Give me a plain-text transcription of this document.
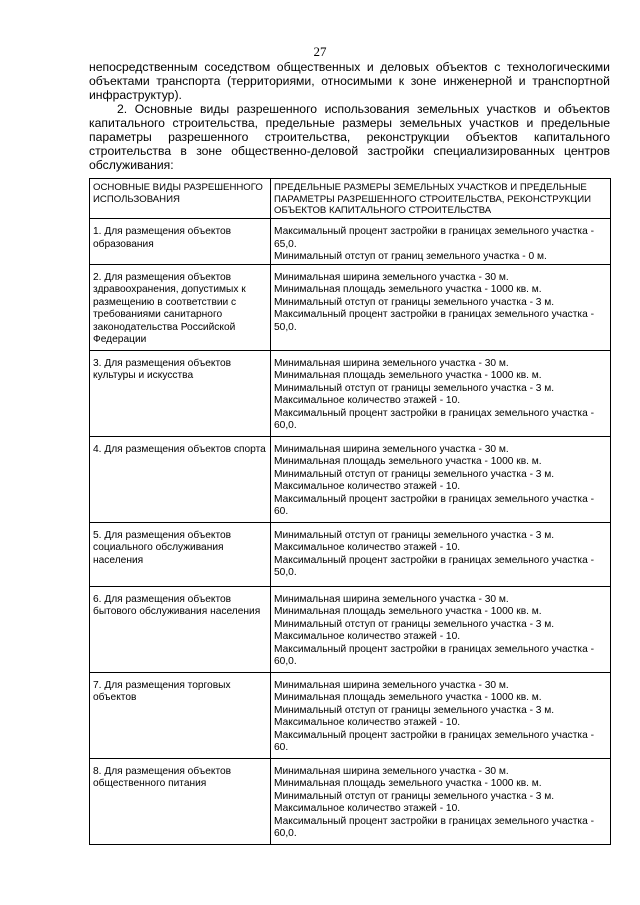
27

непосредственным соседством общественных и деловых объектов с технологическими объектами транспорта (территориями, относимыми к зоне инженерной и транспортной инфраструктур).

2. Основные виды разрешенного использования земельных участков и объектов капитального строительства, предельные размеры земельных участков и предельные параметры разрешенного строительства, реконструкции объектов капитального строительства в зоне общественно-деловой застройки специализированных центров обслуживания:

ОСНОВНЫЕ ВИДЫ РАЗРЕШЕННОГО ИСПОЛЬЗОВАНИЯ	ПРЕДЕЛЬНЫЕ РАЗМЕРЫ ЗЕМЕЛЬНЫХ УЧАСТКОВ И ПРЕДЕЛЬНЫЕ ПАРАМЕТРЫ РАЗРЕШЕННОГО СТРОИТЕЛЬСТВА, РЕКОНСТРУКЦИИ ОБЪЕКТОВ КАПИТАЛЬНОГО СТРОИТЕЛЬСТВА
1. Для размещения объектов образования	Максимальный процент застройки в границах земельного участка - 65,0.
Минимальный отступ от границ земельного участка - 0 м.

2. Для размещения объектов здравоохранения, допустимых к размещению в соответствии с требованиями санитарного законодательства Российской Федерации	Минимальная ширина земельного участка - 30 м.
Минимальная площадь земельного участка - 1000 кв. м.
Минимальный отступ от границы земельного участка - 3 м.
Максимальный процент застройки в границах земельного участка - 50,0.

3. Для размещения объектов культуры и искусства	Минимальная ширина земельного участка - 30 м.
Минимальная площадь земельного участка - 1000 кв. м.
Минимальный отступ от границы земельного участка - 3 м.
Максимальное количество этажей - 10.
Максимальный процент застройки в границах земельного участка - 60,0.

4. Для размещения объектов спорта	Минимальная ширина земельного участка - 30 м.
Минимальная площадь земельного участка - 1000 кв. м.
Минимальный отступ от границы земельного участка - 3 м.
Максимальное количество этажей - 10.
Максимальный процент застройки в границах земельного участка - 60.

5. Для размещения объектов социального обслуживания населения	Минимальный отступ от границы земельного участка - 3 м.
Максимальное количество этажей - 10.
Максимальный процент застройки в границах земельного участка - 50,0.

6. Для размещения объектов бытового обслуживания населения	Минимальная ширина земельного участка - 30 м.
Минимальная площадь земельного участка - 1000 кв. м.
Минимальный отступ от границы земельного участка - 3 м.
Максимальное количество этажей - 10.
Максимальный процент застройки в границах земельного участка - 60,0.

7. Для размещения торговых объектов	Минимальная ширина земельного участка - 30 м.
Минимальная площадь земельного участка - 1000 кв. м.
Минимальный отступ от границы земельного участка - 3 м.
Максимальное количество этажей - 10.
Максимальный процент застройки в границах земельного участка - 60.

8. Для размещения объектов общественного питания	Минимальная ширина земельного участка - 30 м.
Минимальная площадь земельного участка - 1000 кв. м.
Минимальный отступ от границы земельного участка - 3 м.
Максимальное количество этажей - 10.
Максимальный процент застройки в границах земельного участка - 60,0.
